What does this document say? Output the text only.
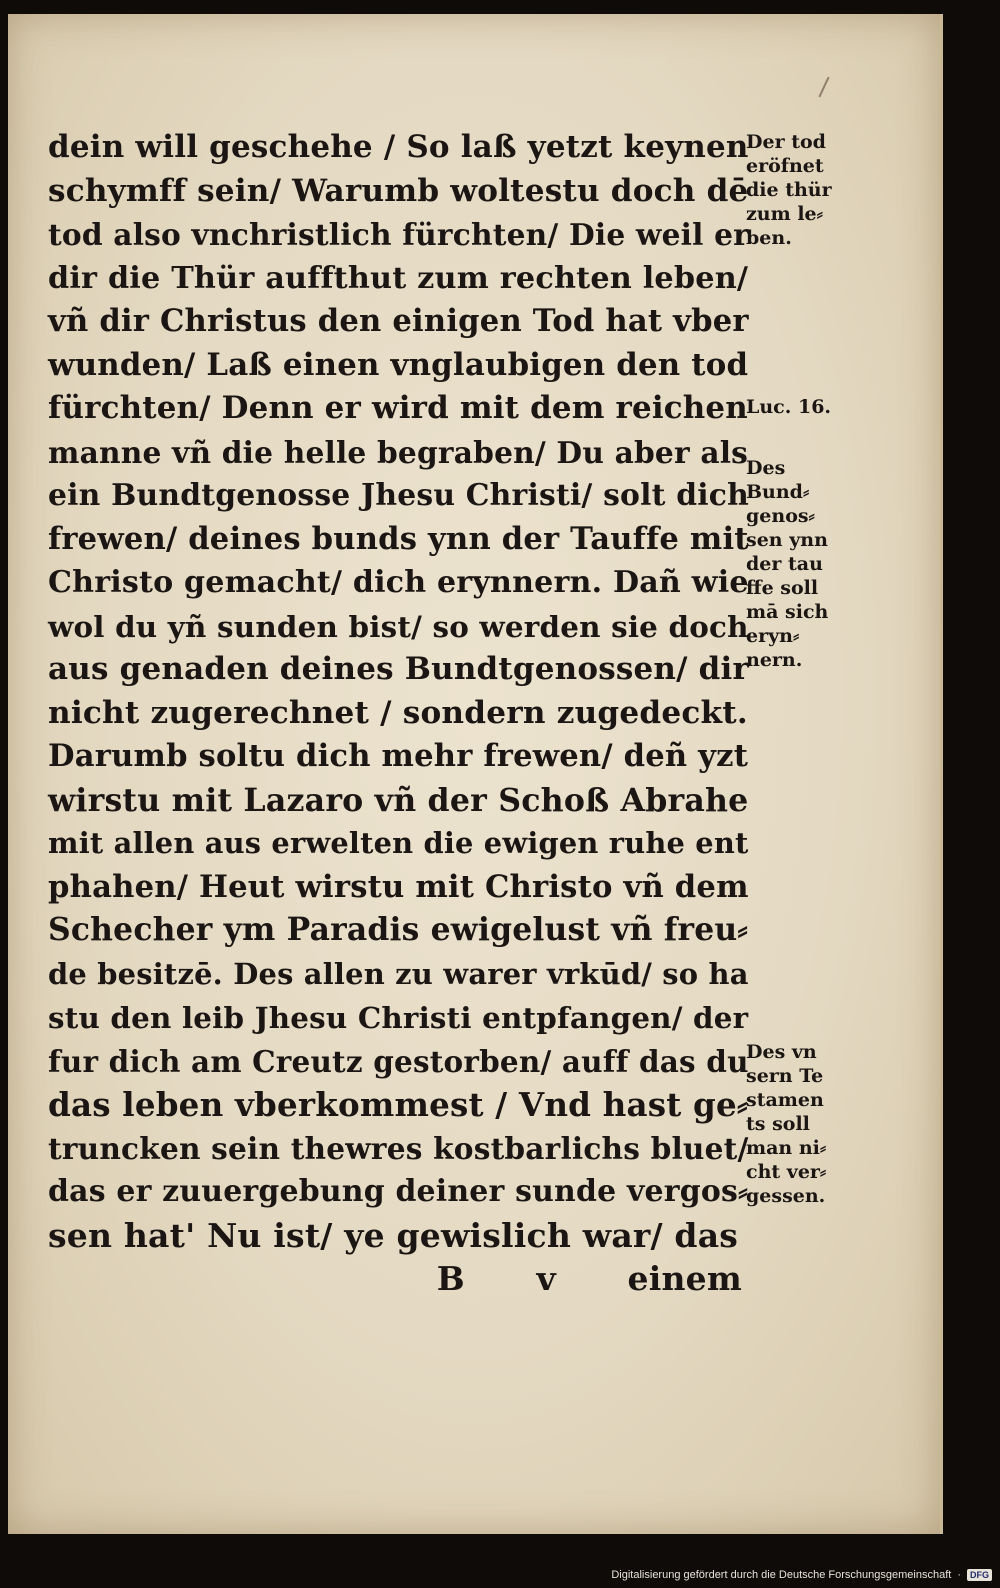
dein will geschehe / So laß yetzt keynen
schymff sein/ Warumb woltestu doch dē
tod also vnchristlich fürchten/ Die weil er
dir die Thür auffthut zum rechten leben/
vñ dir Christus den einigen Tod hat vber
wunden/ Laß einen vnglaubigen den tod
fürchten/ Denn er wird mit dem reichen
manne vñ die helle begraben/ Du aber als
ein Bundtgenosse Jhesu Christi/ solt dich
frewen/ deines bunds ynn der Tauffe mit
Christo gemacht/ dich erynnern. Dañ wie
wol du yñ sunden bist/ so werden sie doch
aus genaden deines Bundtgenossen/ dir
nicht zugerechnet / sondern zugedeckt.
Darumb soltu dich mehr frewen/ deñ yzt
wirstu mit Lazaro vñ der Schoß Abrahe
mit allen aus erwelten die ewigen ruhe ent
phahen/ Heut wirstu mit Christo vñ dem
Schecher ym Paradis ewigelust vñ freu⸗
de besitzē. Des allen zu warer vrkūd/ so ha
stu den leib Jhesu Christi entpfangen/ der
fur dich am Creutz gestorben/ auff das du
das leben vberkommest / Vnd hast ge⸗
truncken sein thewres kostbarlichs bluet/
das er zuuergebung deiner sunde vergos⸗
sen hat' Nu ist/ ye gewislich war/ das
B v einem
Der tod
eröfnet
die thür
zum le⸗
ben.
Luc. 16.
Des
Bund⸗
genos⸗
sen ynn
der tau
ffe soll
mā sich
eryn⸗
nern.
Des vn
sern Te
stamen
ts soll
man ni⸗
cht ver⸗
gessen.
Digitalisierung gefördert durch die Deutsche Forschungsgemeinschaft ·	DFG
